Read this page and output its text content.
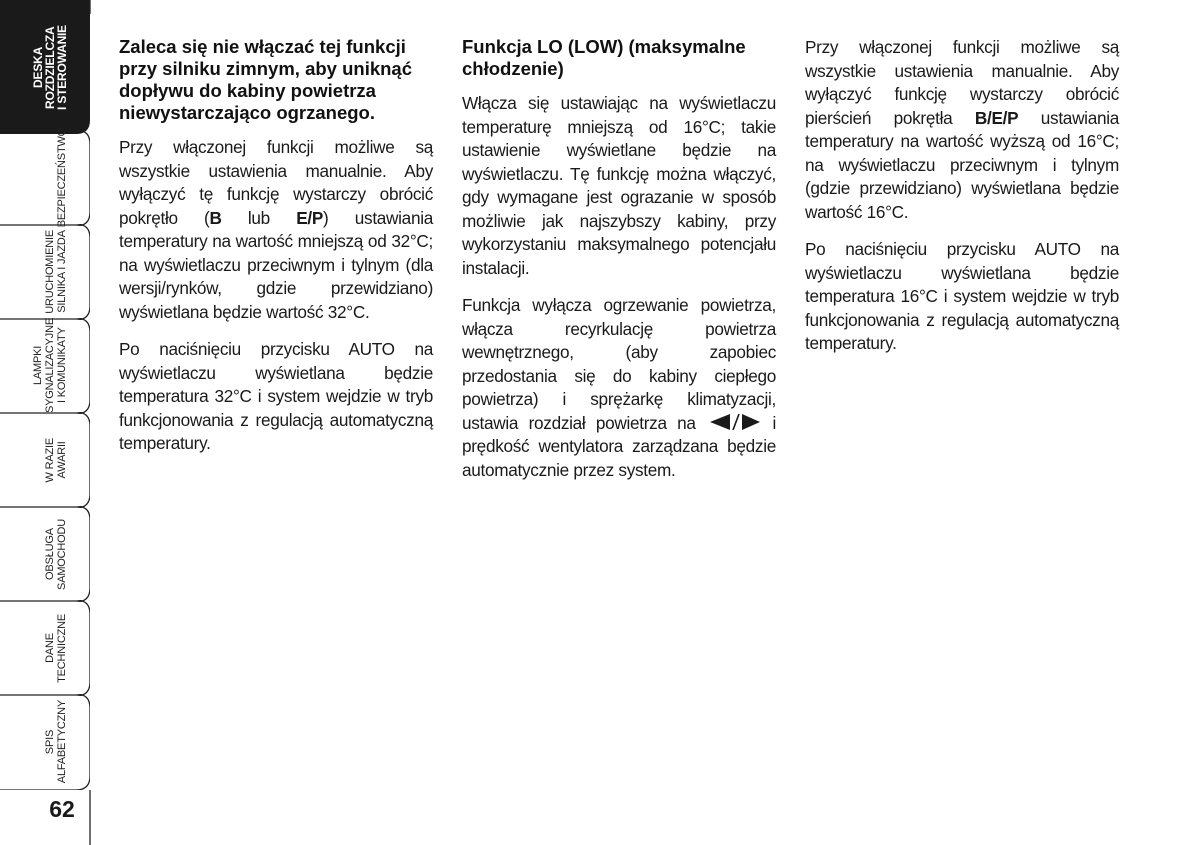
DESKA
ROZDZIELCZA
I STEROWANIE
BEZPIECZEŃSTWO
URUCHOMIENIE
SILNIKA I JAZDA
LAMPKI
SYGNALIZACYJNE
I KOMUNIKATY
W RAZIE
AWARII
OBSŁUGA
SAMOCHODU
DANE
TECHNICZNE
SPIS
ALFABETYCZNY
62

Zaleca się nie włączać tej funkcji przy silniku zimnym, aby uniknąć dopływu do kabiny powietrza niewystarczająco ogrzanego.

Przy włączonej funkcji możliwe są wszystkie ustawienia manualnie. Aby wyłączyć tę funkcję wystarczy obrócić pokrętło (B lub E/P) ustawiania temperatury na wartość mniejszą od 32°C; na wyświetlaczu przeciwnym i tylnym (dla wersji/rynków, gdzie przewidziano) wyświetlana będzie wartość 32°C.

Po naciśnięciu przycisku AUTO na wyświetlaczu wyświetlana będzie temperatura 32°C i system wejdzie w tryb funkcjonowania z regulacją automatyczną temperatury.

Funkcja LO (LOW) (maksymalne chłodzenie)

Włącza się ustawiając na wyświetlaczu temperaturę mniejszą od 16°C; takie ustawienie wyświetlane będzie na wyświetlaczu. Tę funkcję można włączyć, gdy wymagane jest ograzanie w sposób możliwie jak najszybszy kabiny, przy wykorzystaniu maksymalnego potencjału instalacji.

Funkcja wyłącza ogrzewanie powietrza, włącza recyrkulację powietrza wewnętrznego, (aby zapobiec przedostania się do kabiny ciepłego powietrza) i sprężarkę klimatyzacji, ustawia rozdział powietrza na	i prędkość wentylatora zarządzana będzie automatycznie przez system.

Przy włączonej funkcji możliwe są wszystkie ustawienia manualnie. Aby wyłączyć funkcję wystarczy obrócić pierścień pokrętła B/E/P ustawiania temperatury na wartość wyższą od 16°C; na wyświetlaczu przeciwnym i tylnym (gdzie przewidziano) wyświetlana będzie wartość 16°C.

Po naciśnięciu przycisku AUTO na wyświetlaczu wyświetlana będzie temperatura 16°C i system wejdzie w tryb funkcjonowania z regulacją automatyczną temperatury.
